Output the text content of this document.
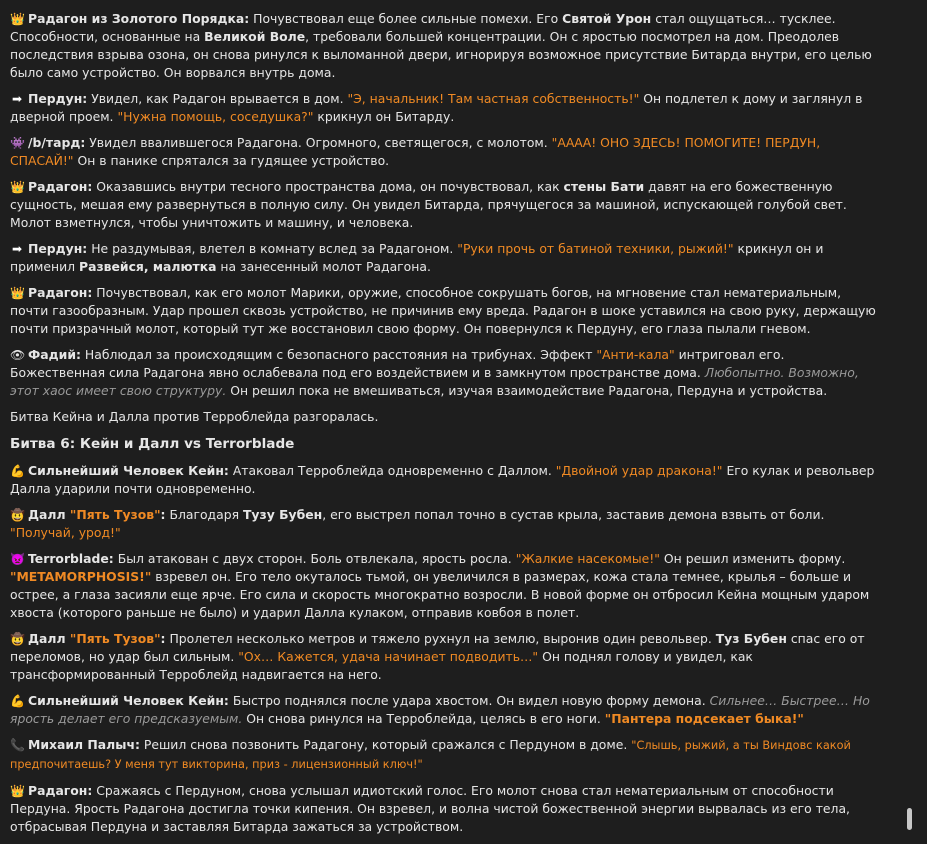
👑 Радагон из Золотого Порядка: Почувствовал еще более сильные помехи. Его Святой Урон стал ощущаться… тусклее. Способности, основанные на Великой Воле, требовали большей концентрации. Он с яростью посмотрел на дом. Преодолев последствия взрыва озона, он снова ринулся к выломанной двери, игнорируя возможное присутствие Битарда внутри, его целью было само устройство. Он ворвался внутрь дома.

➡ Пердун: Увидел, как Радагон врывается в дом. "Э, начальник! Там частная собственность!" Он подлетел к дому и заглянул в дверной проем. "Нужна помощь, соседушка?" крикнул он Битарду.

👾 /b/тард: Увидел ввалившегося Радагона. Огромного, светящегося, с молотом. "АААА! ОНО ЗДЕСЬ! ПОМОГИТЕ! ПЕРДУН, СПАСАЙ!" Он в панике спрятался за гудящее устройство.

👑 Радагон: Оказавшись внутри тесного пространства дома, он почувствовал, как стены Бати давят на его божественную сущность, мешая ему развернуться в полную силу. Он увидел Битарда, прячущегося за машиной, испускающей голубой свет. Молот взметнулся, чтобы уничтожить и машину, и человека.

➡ Пердун: Не раздумывая, влетел в комнату вслед за Радагоном. "Руки прочь от батиной техники, рыжий!" крикнул он и применил Развейся, малютка на занесенный молот Радагона.

👑 Радагон: Почувствовал, как его молот Марики, оружие, способное сокрушать богов, на мгновение стал нематериальным, почти газообразным. Удар прошел сквозь устройство, не причинив ему вреда. Радагон в шоке уставился на свою руку, держащую почти призрачный молот, который тут же восстановил свою форму. Он повернулся к Пердуну, его глаза пылали гневом.

👁 Фадий: Наблюдал за происходящим с безопасного расстояния на трибунах. Эффект "Анти-кала" интриговал его. Божественная сила Радагона явно ослабевала под его воздействием и в замкнутом пространстве дома. Любопытно. Возможно, этот хаос имеет свою структуру. Он решил пока не вмешиваться, изучая взаимодействие Радагона, Пердуна и устройства.

Битва Кейна и Далла против Терроблейда разгоралась.

Битва 6: Кейн и Далл vs Terrorblade

💪 Сильнейший Человек Кейн: Атаковал Терроблейда одновременно с Даллом. "Двойной удар дракона!" Его кулак и револьвер Далла ударили почти одновременно.

🤠 Далл "Пять Тузов": Благодаря Тузу Бубен, его выстрел попал точно в сустав крыла, заставив демона взвыть от боли. "Получай, урод!"

👿 Terrorblade: Был атакован с двух сторон. Боль отвлекала, ярость росла. "Жалкие насекомые!" Он решил изменить форму. "METAMORPHOSIS!" взревел он. Его тело окуталось тьмой, он увеличился в размерах, кожа стала темнее, крылья – больше и острее, а глаза засияли еще ярче. Его сила и скорость многократно возросли. В новой форме он отбросил Кейна мощным ударом хвоста (которого раньше не было) и ударил Далла кулаком, отправив ковбоя в полет.

🤠 Далл "Пять Тузов": Пролетел несколько метров и тяжело рухнул на землю, выронив один револьвер. Туз Бубен спас его от переломов, но удар был сильным. "Ох… Кажется, удача начинает подводить…" Он поднял голову и увидел, как трансформированный Терроблейд надвигается на него.

💪 Сильнейший Человек Кейн: Быстро поднялся после удара хвостом. Он видел новую форму демона. Сильнее… Быстрее… Но ярость делает его предсказуемым. Он снова ринулся на Терроблейда, целясь в его ноги. "Пантера подсекает быка!"

📞 Михаил Палыч: Решил снова позвонить Радагону, который сражался с Пердуном в доме. "Слышь, рыжий, а ты Виндовс какой предпочитаешь? У меня тут викторина, приз - лицензионный ключ!"

👑 Радагон: Сражаясь с Пердуном, снова услышал идиотский голос. Его молот снова стал нематериальным от способности Пердуна. Ярость Радагона достигла точки кипения. Он взревел, и волна чистой божественной энергии вырвалась из его тела, отбрасывая Пердуна и заставляя Битарда зажаться за устройством.
